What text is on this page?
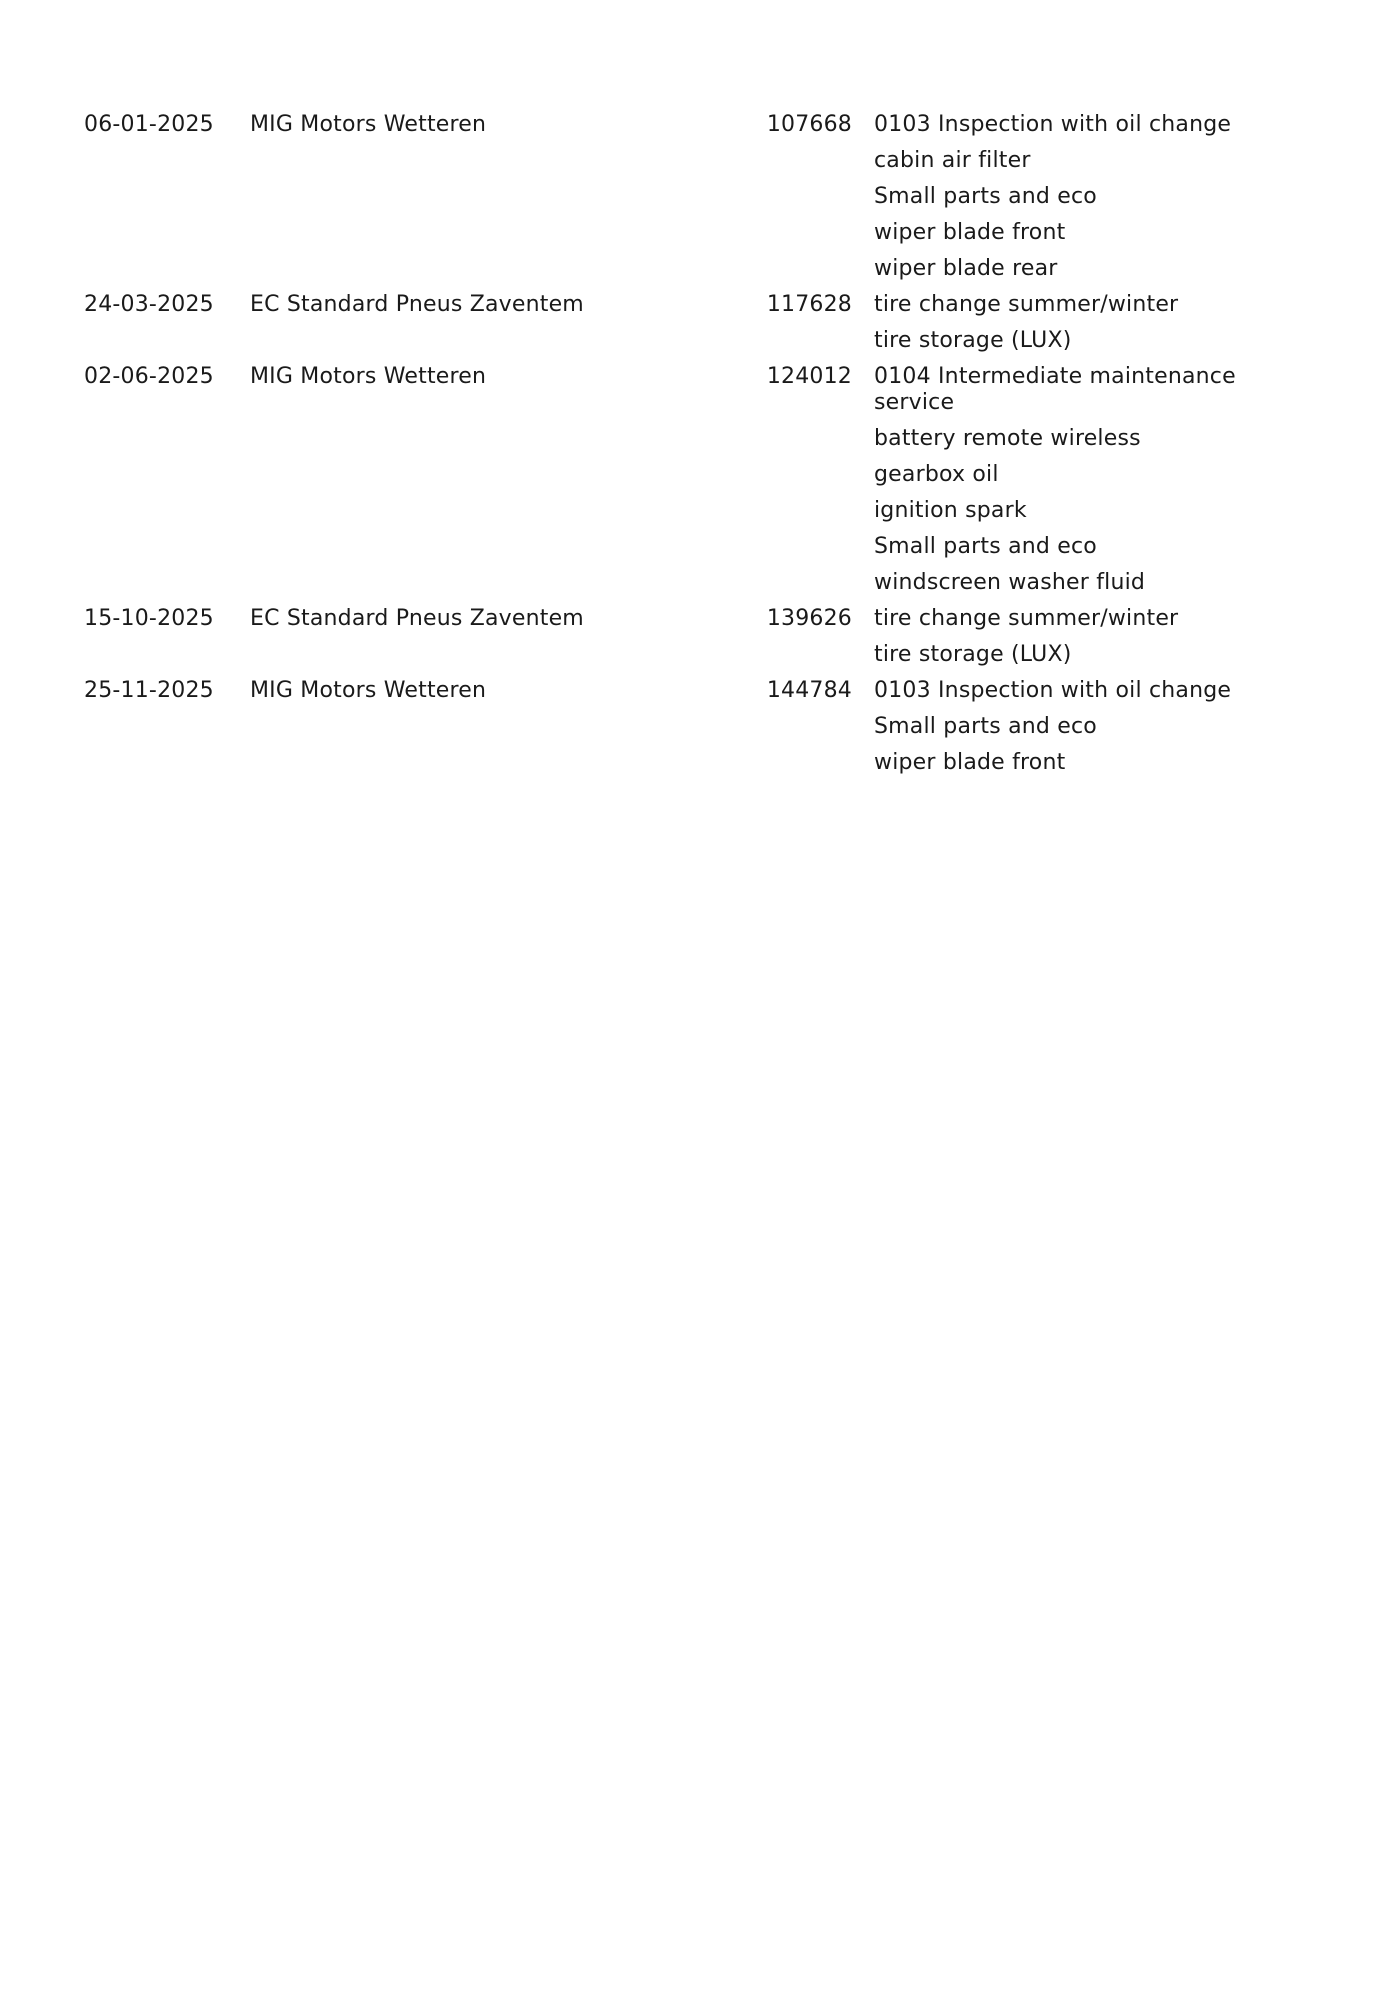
06-01-2025	MIG Motors Wetteren	107668 0103 Inspection with oil change
cabin air filter
Small parts and eco
wiper blade front
wiper blade rear
24-03-2025	EC Standard Pneus Zaventem	117628 tire change summer/winter
tire storage (LUX)
02-06-2025	MIG Motors Wetteren	124012 0104 Intermediate maintenance service
battery remote wireless
gearbox oil
ignition spark
Small parts and eco
windscreen washer fluid
15-10-2025	EC Standard Pneus Zaventem	139626 tire change summer/winter
tire storage (LUX)
25-11-2025	MIG Motors Wetteren	144784 0103 Inspection with oil change
Small parts and eco
wiper blade front
